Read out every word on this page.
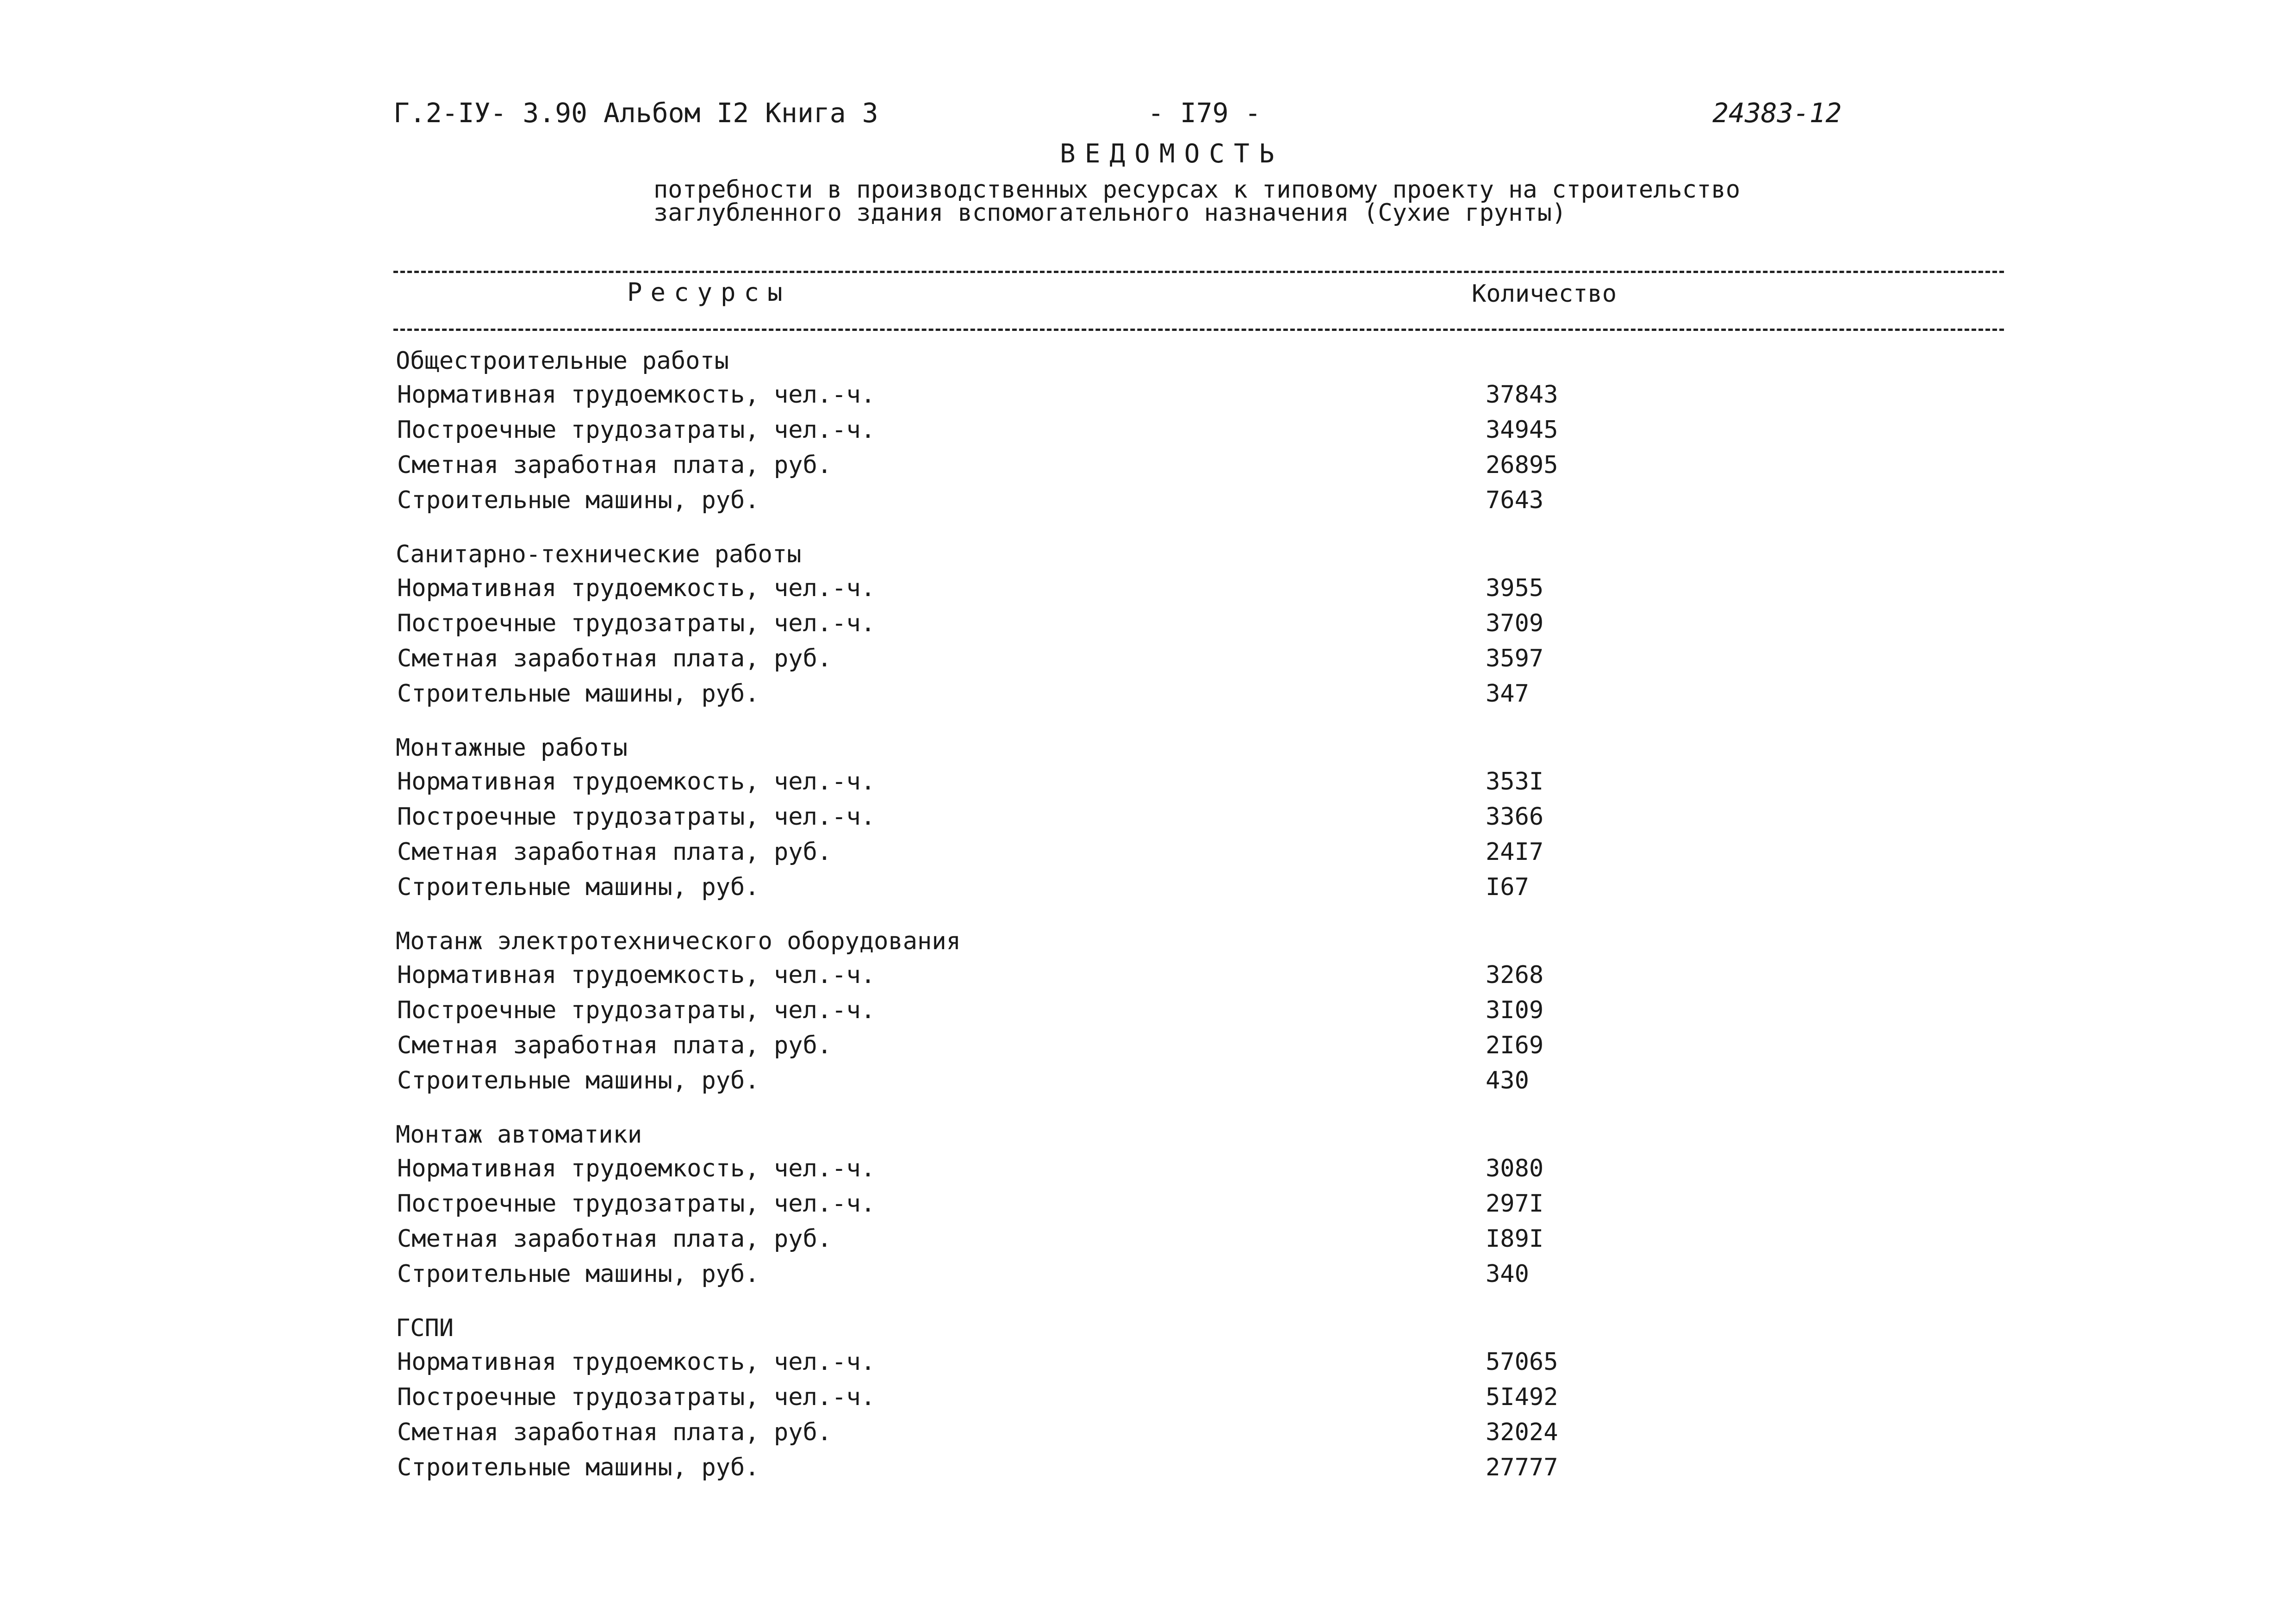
Г.2-IУ- 3.90 Альбом I2 Книга 3	- I79 -	24383-12
ВЕДОМОСТЬ
потребности в производственных ресурсах к типовому проекту на строительство
заглубленного здания вспомогательного назначения (Сухие грунты)
Ресурсы	Количество
Общестроительные работы
Нормативная трудоемкость, чел.-ч.	37843
Построечные трудозатраты, чел.-ч.	34945
Сметная заработная плата, руб.	26895
Строительные машины, руб.	7643
Санитарно-технические работы
Нормативная трудоемкость, чел.-ч.	3955
Построечные трудозатраты, чел.-ч.	3709
Сметная заработная плата, руб.	3597
Строительные машины, руб.	347
Монтажные работы
Нормативная трудоемкость, чел.-ч.	353I
Построечные трудозатраты, чел.-ч.	3366
Сметная заработная плата, руб.	24I7
Строительные машины, руб.	I67
Мотанж электротехнического оборудования
Нормативная трудоемкость, чел.-ч.	3268
Построечные трудозатраты, чел.-ч.	3I09
Сметная заработная плата, руб.	2I69
Строительные машины, руб.	430
Монтаж автоматики
Нормативная трудоемкость, чел.-ч.	3080
Построечные трудозатраты, чел.-ч.	297I
Сметная заработная плата, руб.	I89I
Строительные машины, руб.	340
ГСПИ
Нормативная трудоемкость, чел.-ч.	57065
Построечные трудозатраты, чел.-ч.	5I492
Сметная заработная плата, руб.	32024
Строительные машины, руб.	27777
